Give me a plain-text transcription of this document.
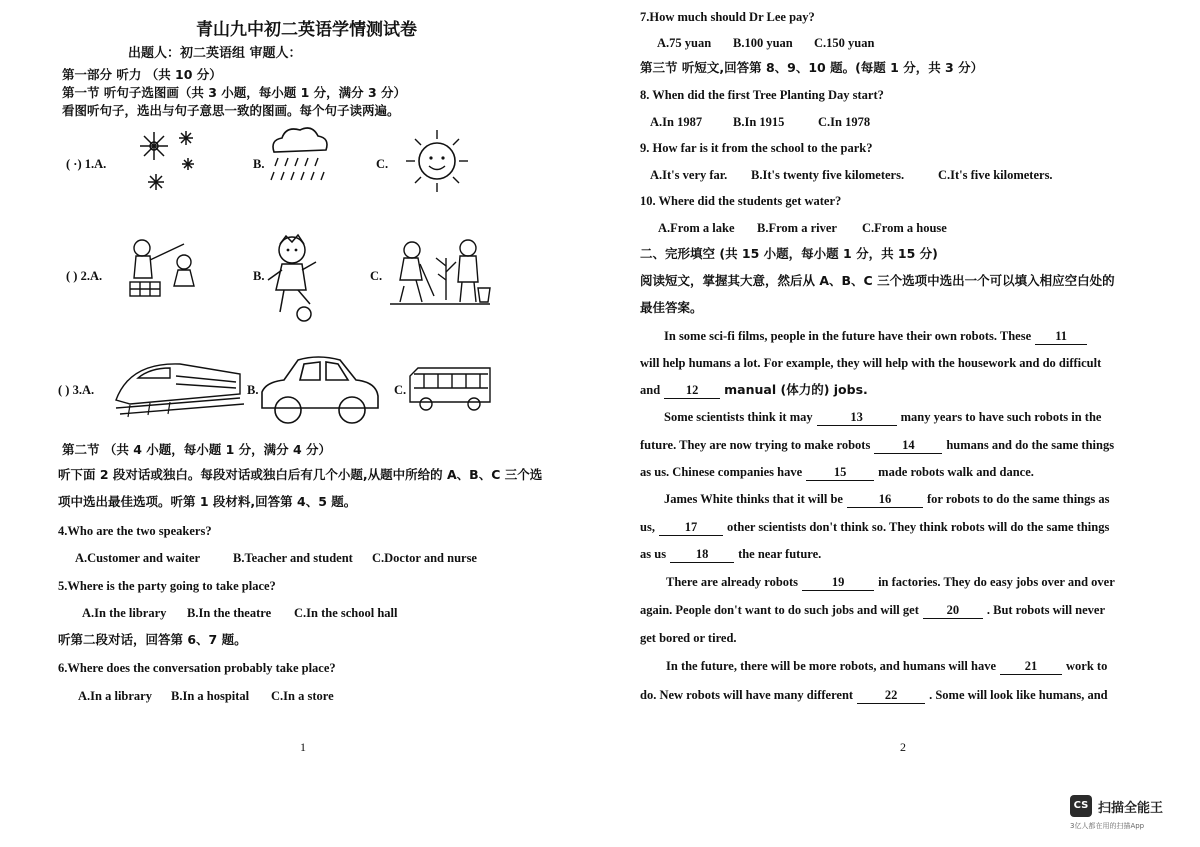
青山九中初二英语学情测试卷
出题人：初二英语组 审题人：
第一部分 听力 （共 10 分）
第一节 听句子选图画（共 3 小题，每小题 1 分，满分 3 分）
看图听句子，选出与句子意思一致的图画。每个句子读两遍。
( ·) 1.A.	B.	C.
( ) 2.A.	B.	C.
( ) 3.A.	B.	C.
第二节 （共 4 小题，每小题 1 分，满分 4 分）
听下面 2 段对话或独白。每段对话或独白后有几个小题,从题中所给的 A、B、C 三个选
项中选出最佳选项。听第 1 段材料,回答第 4、5 题。
4.Who are the two speakers?
A.Customer and waiter	B.Teacher and student C.Doctor and nurse
5.Where is the party going to take place?
A.In the library B.In the theatre C.In the school hall
听第二段对话，回答第 6、7 题。
6.Where does the conversation probably take place?
A.In a library B.In a hospital C.In a store
1
7.How much should Dr Lee pay?
A.75 yuan B.100 yuan C.150 yuan
第三节 听短文,回答第 8、9、10 题。(每题 1 分，共 3 分）
8. When did the first Tree Planting Day start?
A.In 1987 B.In 1915	C.In 1978
9. How far is it from the school to the park?
A.It's very far. B.It's twenty five kilometers.	C.It's five kilometers.
10. Where did the students get water?
A.From a lake B.From a river C.From a house
二、完形填空 (共 15 小题，每小题 1 分，共 15 分)
阅读短文，掌握其大意，然后从 A、B、C 三个选项中选出一个可以填入相应空白处的
最佳答案。
In some sci-fi films, people in the future have their own robots. These 11
will help humans a lot. For example, they will help with the housework and do difficult
and 12 manual (体力的) jobs.
Some scientists think it may	13	many years to have such robots in the
future. They are now trying to make robots	14	humans and do the same things
as us. Chinese companies have	15	made robots walk and dance.
James White thinks that it will be	16	for robots to do the same things as
us, 17 other scientists don't think so. They think robots will do the same things
as us 18 the near future.
There are already robots	19	in factories. They do easy jobs over and over
again. People don't want to do such jobs and will get 20 . But robots will never
get bored or tired.
In the future, there will be more robots, and humans will have 21 work to
do. New robots will have many different	22	. Some will look like humans, and
2
CS 扫描全能王
3亿人都在用的扫描App
